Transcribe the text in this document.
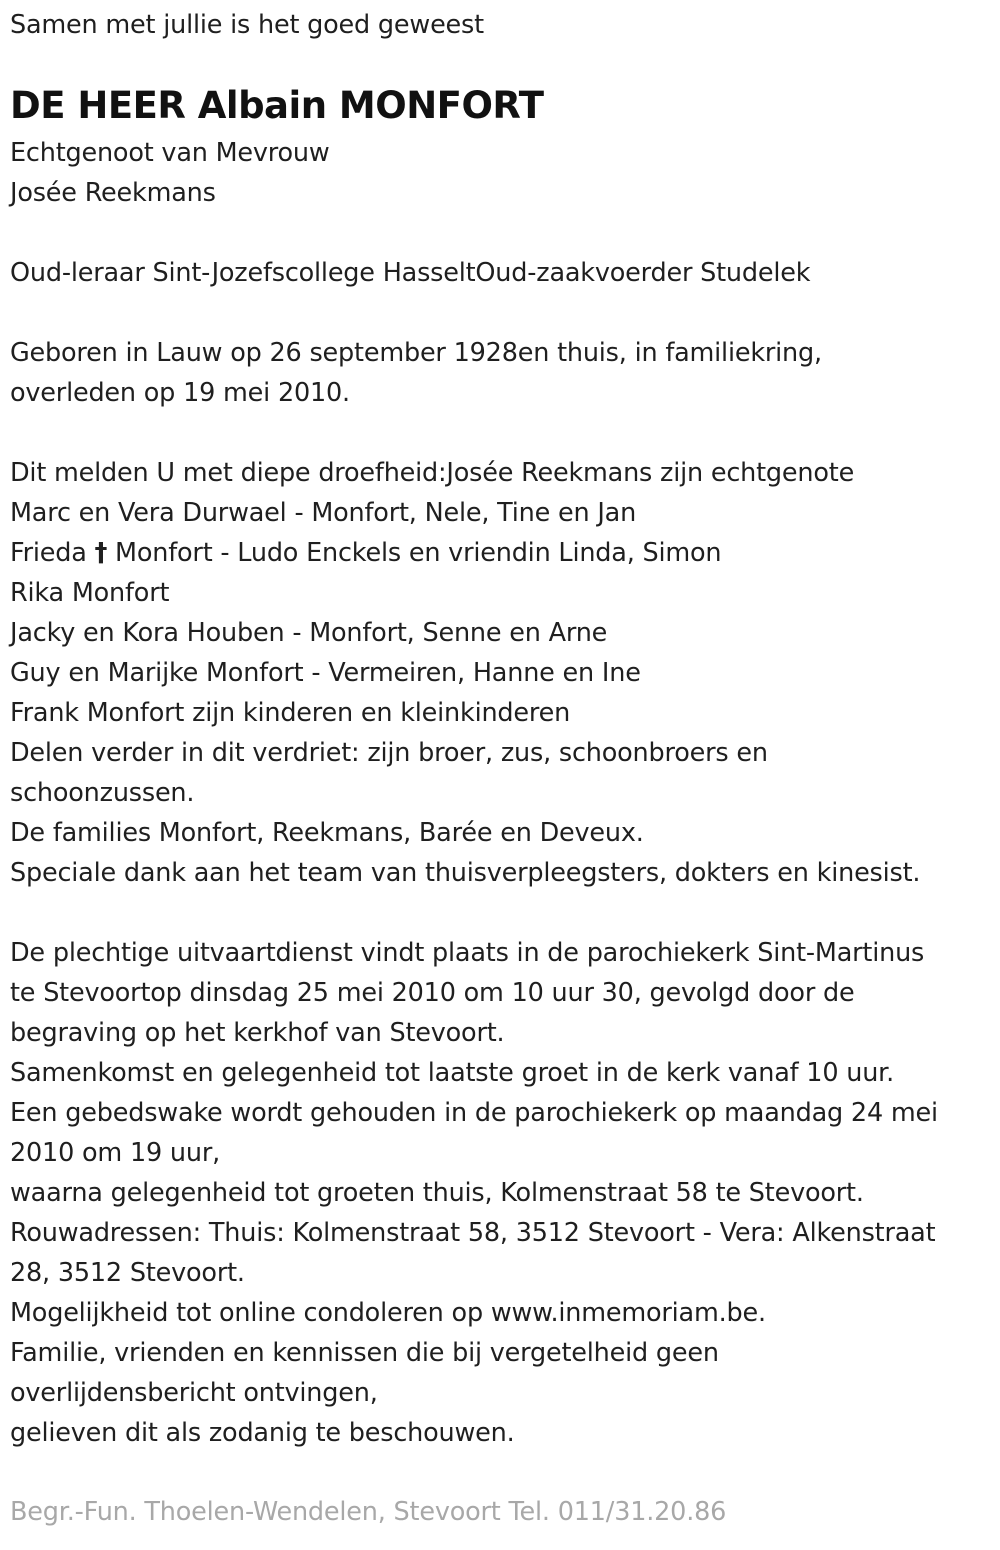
Samen met jullie is het goed geweest
DE HEER Albain MONFORT
Echtgenoot van Mevrouw
Josée Reekmans
Oud-leraar Sint-Jozefscollege HasseltOud-zaakvoerder Studelek
Geboren in Lauw op 26 september 1928en thuis, in familiekring,
overleden op 19 mei 2010.
Dit melden U met diepe droefheid:Josée Reekmans zijn echtgenote
Marc en Vera Durwael - Monfort, Nele, Tine en Jan
Frieda † Monfort - Ludo Enckels en vriendin Linda, Simon
Rika Monfort
Jacky en Kora Houben - Monfort, Senne en Arne
Guy en Marijke Monfort - Vermeiren, Hanne en Ine
Frank Monfort zijn kinderen en kleinkinderen
Delen verder in dit verdriet: zijn broer, zus, schoonbroers en
schoonzussen.
De families Monfort, Reekmans, Barée en Deveux.
Speciale dank aan het team van thuisverpleegsters, dokters en kinesist.
De plechtige uitvaartdienst vindt plaats in de parochiekerk Sint-Martinus
te Stevoortop dinsdag 25 mei 2010 om 10 uur 30, gevolgd door de
begraving op het kerkhof van Stevoort.
Samenkomst en gelegenheid tot laatste groet in de kerk vanaf 10 uur.
Een gebedswake wordt gehouden in de parochiekerk op maandag 24 mei
2010 om 19 uur,
waarna gelegenheid tot groeten thuis, Kolmenstraat 58 te Stevoort.
Rouwadressen: Thuis: Kolmenstraat 58, 3512 Stevoort - Vera: Alkenstraat
28, 3512 Stevoort.
Mogelijkheid tot online condoleren op www.inmemoriam.be.
Familie, vrienden en kennissen die bij vergetelheid geen
overlijdensbericht ontvingen,
gelieven dit als zodanig te beschouwen.
Begr.-Fun. Thoelen-Wendelen, Stevoort Tel. 011/31.20.86
